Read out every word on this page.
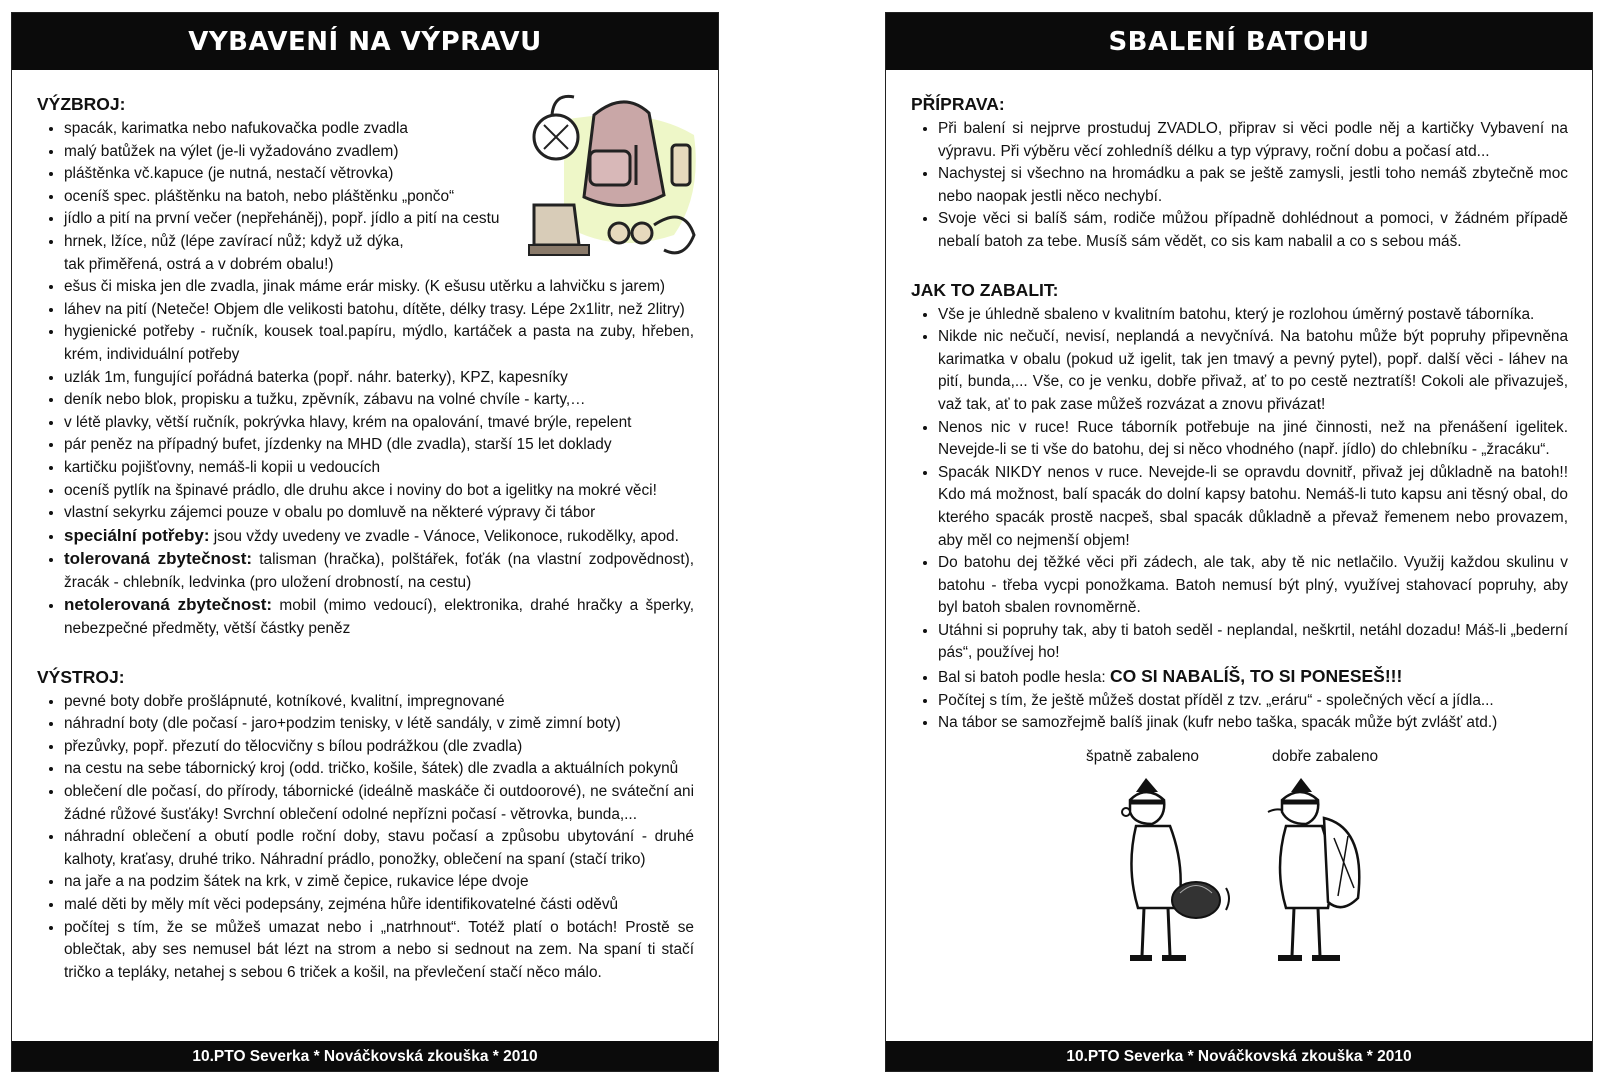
VYBAVENÍ NA VÝPRAVU
VÝZBROJ:
• spacák, karimatka nebo nafukovačka podle zvadla
• malý batůžek na výlet (je-li vyžadováno zvadlem)
• pláštěnka vč.kapuce (je nutná, nestačí větrovka)
• oceníš spec. pláštěnku na batoh, nebo pláštěnku „pončo“
• jídlo a pití na první večer (nepřeháněj), popř. jídlo a pití na cestu
• hrnek, lžíce, nůž (lépe zavírací nůž; když už dýka,
tak přiměřená, ostrá a v dobrém obalu!)
• ešus či miska jen dle zvadla, jinak máme erár misky. (K ešusu utěrku a lahvičku s jarem)
• láhev na pití (Neteče! Objem dle velikosti batohu, dítěte, délky trasy. Lépe 2x1litr, než 2litry)
• hygienické potřeby - ručník, kousek toal.papíru, mýdlo, kartáček a pasta na zuby, hřeben, krém, individuální potřeby
• uzlák 1m, fungující pořádná baterka (popř. náhr. baterky), KPZ, kapesníky
• deník nebo blok, propisku a tužku, zpěvník, zábavu na volné chvíle - karty,…
• v létě plavky, větší ručník, pokrývka hlavy, krém na opalování, tmavé brýle, repelent
• pár peněz na případný bufet, jízdenky na MHD (dle zvadla), starší 15 let doklady
• kartičku pojišťovny, nemáš-li kopii u vedoucích
• oceníš pytlík na špinavé prádlo, dle druhu akce i noviny do bot a igelitky na mokré věci!
• vlastní sekyrku zájemci pouze v obalu po domluvě na některé výpravy či tábor
• speciální potřeby: jsou vždy uvedeny ve zvadle - Vánoce, Velikonoce, rukodělky, apod.
• tolerovaná zbytečnost: talisman (hračka), polštářek, foťák (na vlastní zodpovědnost), žracák - chlebník, ledvinka (pro uložení drobností, na cestu)
• netolerovaná zbytečnost: mobil (mimo vedoucí), elektronika, drahé hračky a šperky, nebezpečné předměty, větší částky peněz
VÝSTROJ:
• pevné boty dobře prošlápnuté, kotníkové, kvalitní, impregnované
• náhradní boty (dle počasí - jaro+podzim tenisky, v létě sandály, v zimě zimní boty)
• přezůvky, popř. přezutí do tělocvičny s bílou podrážkou (dle zvadla)
• na cestu na sebe tábornický kroj (odd. tričko, košile, šátek) dle zvadla a aktuálních pokynů
• oblečení dle počasí, do přírody, tábornické (ideálně maskáče či outdoorové), ne sváteční ani žádné růžové šusťáky! Svrchní oblečení odolné nepřízni počasí - větrovka, bunda,...
• náhradní oblečení a obutí podle roční doby, stavu počasí a způsobu ubytování - druhé kalhoty, kraťasy, druhé triko. Náhradní prádlo, ponožky, oblečení na spaní (stačí triko)
• na jaře a na podzim šátek na krk, v zimě čepice, rukavice lépe dvoje
• malé děti by měly mít věci podepsány, zejména hůře identifikovatelné části oděvů
• počítej s tím, že se můžeš umazat nebo i „natrhnout“. Totéž platí o botách! Prostě se oblečtak, aby ses nemusel bát lézt na strom a nebo si sednout na zem. Na spaní ti stačí tričko a tepláky, netahej s sebou 6 triček a košil, na převlečení stačí něco málo.
10.PTO Severka * Nováčkovská zkouška * 2010
SBALENÍ BATOHU
PŘÍPRAVA:
• Při balení si nejprve prostuduj ZVADLO, připrav si věci podle něj a kartičky Vybavení na výpravu. Při výběru věcí zohledníš délku a typ výpravy, roční dobu a počasí atd...
• Nachystej si všechno na hromádku a pak se ještě zamysli, jestli toho nemáš zbytečně moc nebo naopak jestli něco nechybí.
• Svoje věci si balíš sám, rodiče můžou případně dohlédnout a pomoci, v žádném případě nebalí batoh za tebe. Musíš sám vědět, co sis kam nabalil a co s sebou máš.
JAK TO ZABALIT:
• Vše je úhledně sbaleno v kvalitním batohu, který je rozlohou úměrný postavě táborníka.
• Nikde nic nečučí, nevisí, neplandá a nevyčnívá. Na batohu může být popruhy připevněna karimatka v obalu (pokud už igelit, tak jen tmavý a pevný pytel), popř. další věci - láhev na pití, bunda,... Vše, co je venku, dobře přivaž, ať to po cestě neztratíš! Cokoli ale přivazuješ, važ tak, ať to pak zase můžeš rozvázat a znovu přivázat!
• Nenos nic v ruce! Ruce táborník potřebuje na jiné činnosti, než na přenášení igelitek. Nevejde-li se ti vše do batohu, dej si něco vhodného (např. jídlo) do chlebníku - „žracáku“.
• Spacák NIKDY nenos v ruce. Nevejde-li se opravdu dovnitř, přivaž jej důkladně na batoh!! Kdo má možnost, balí spacák do dolní kapsy batohu. Nemáš-li tuto kapsu ani těsný obal, do kterého spacák prostě nacpeš, sbal spacák důkladně a převaž řemenem nebo provazem, aby měl co nejmenší objem!
• Do batohu dej těžké věci při zádech, ale tak, aby tě nic netlačilo. Využij každou skulinu v batohu - třeba vycpi ponožkama. Batoh nemusí být plný, využívej stahovací popruhy, aby byl batoh sbalen rovnoměrně.
• Utáhni si popruhy tak, aby ti batoh seděl - neplandal, neškrtil, netáhl dozadu! Máš-li „bederní pás“, používej ho!
• Bal si batoh podle hesla: CO SI NABALÍŠ, TO SI PONESEŠ!!!
• Počítej s tím, že ještě můžeš dostat příděl z tzv. „eráru“ - společných věcí a jídla...
• Na tábor se samozřejmě balíš jinak (kufr nebo taška, spacák může být zvlášť atd.)
špatně zabaleno	dobře zabaleno
10.PTO Severka * Nováčkovská zkouška * 2010
